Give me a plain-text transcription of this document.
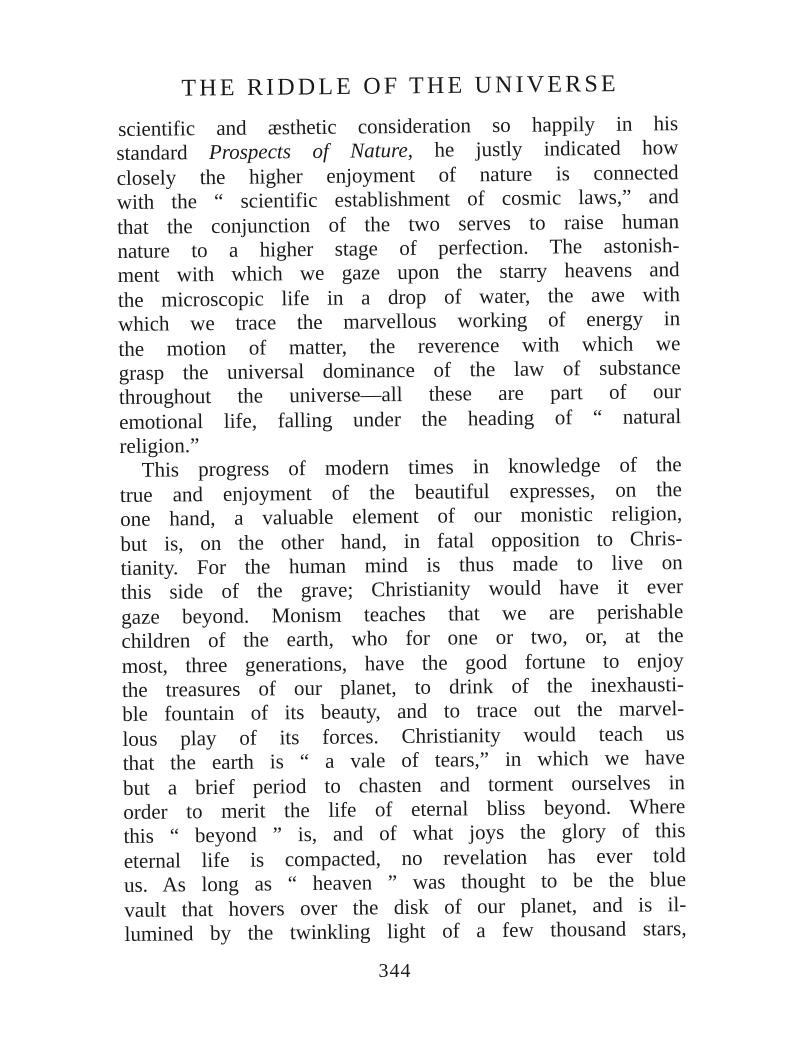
THE RIDDLE OF THE UNIVERSE
scientific and æsthetic consideration so happily in his
standard Prospects of Nature, he justly indicated how
closely the higher enjoyment of nature is connected
with the “ scientific establishment of cosmic laws,” and
that the conjunction of the two serves to raise human
nature to a higher stage of perfection. The astonish-
ment with which we gaze upon the starry heavens and
the microscopic life in a drop of water, the awe with
which we trace the marvellous working of energy in
the motion of matter, the reverence with which we
grasp the universal dominance of the law of substance
throughout the universe—all these are part of our
emotional life, falling under the heading of “ natural
religion.”
This progress of modern times in knowledge of the
true and enjoyment of the beautiful expresses, on the
one hand, a valuable element of our monistic religion,
but is, on the other hand, in fatal opposition to Chris-
tianity. For the human mind is thus made to live on
this side of the grave; Christianity would have it ever
gaze beyond. Monism teaches that we are perishable
children of the earth, who for one or two, or, at the
most, three generations, have the good fortune to enjoy
the treasures of our planet, to drink of the inexhausti-
ble fountain of its beauty, and to trace out the marvel-
lous play of its forces. Christianity would teach us
that the earth is “ a vale of tears,” in which we have
but a brief period to chasten and torment ourselves in
order to merit the life of eternal bliss beyond. Where
this “ beyond ” is, and of what joys the glory of this
eternal life is compacted, no revelation has ever told
us. As long as “ heaven ” was thought to be the blue
vault that hovers over the disk of our planet, and is il-
lumined by the twinkling light of a few thousand stars,
344
